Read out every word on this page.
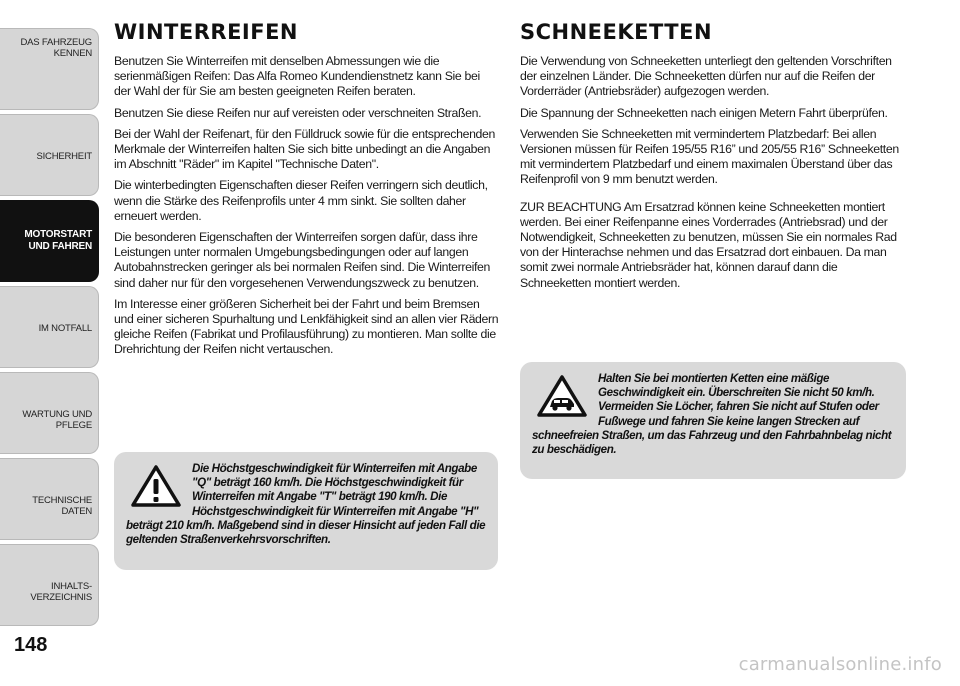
DAS FAHRZEUG
KENNEN
SICHERHEIT
MOTORSTART
UND FAHREN
IM NOTFALL
WARTUNG UND
PFLEGE
TECHNISCHE DATEN
INHALTS-
VERZEICHNIS
148
WINTERREIFEN

Benutzen Sie Winterreifen mit denselben Abmessungen wie die serienmäßigen Reifen: Das Alfa Romeo Kundendienstnetz kann Sie bei der Wahl der für Sie am besten geeigneten Reifen beraten.

Benutzen Sie diese Reifen nur auf vereisten oder verschneiten Straßen.

Bei der Wahl der Reifenart, für den Fülldruck sowie für die entsprechenden Merkmale der Winterreifen halten Sie sich bitte unbedingt an die Angaben im Abschnitt "Räder" im Kapitel "Technische Daten".

Die winterbedingten Eigenschaften dieser Reifen verringern sich deutlich, wenn die Stärke des Reifenprofils unter 4 mm sinkt. Sie sollten daher erneuert werden.

Die besonderen Eigenschaften der Winterreifen sorgen dafür, dass ihre Leistungen unter normalen Umgebungsbedingungen oder auf langen Autobahnstrecken geringer als bei normalen Reifen sind. Die Winterreifen sind daher nur für den vorgesehenen Verwendungszweck zu benutzen.

Im Interesse einer größeren Sicherheit bei der Fahrt und beim Bremsen und einer sicheren Spurhaltung und Lenkfähigkeit sind an allen vier Rädern gleiche Reifen (Fabrikat und Profilausführung) zu montieren. Man sollte die Drehrichtung der Reifen nicht vertauschen.

Die Höchstgeschwindigkeit für Winterreifen mit Angabe "Q" beträgt 160 km/h. Die Höchstgeschwindigkeit für Winterreifen mit Angabe "T" beträgt 190 km/h. Die Höchstgeschwindigkeit für Winterreifen mit Angabe "H" beträgt 210 km/h. Maßgebend sind in dieser Hinsicht auf jeden Fall die geltenden Straßenverkehrsvorschriften.

SCHNEEKETTEN

Die Verwendung von Schneeketten unterliegt den geltenden Vorschriften der einzelnen Länder. Die Schneeketten dürfen nur auf die Reifen der Vorderräder (Antriebsräder) aufgezogen werden.

Die Spannung der Schneeketten nach einigen Metern Fahrt überprüfen.

Verwenden Sie Schneeketten mit vermindertem Platzbedarf: Bei allen Versionen müssen für Reifen 195/55 R16” und 205/55 R16” Schneeketten mit vermindertem Platzbedarf und einem maximalen Überstand über das Reifenprofil von 9 mm benutzt werden.

ZUR BEACHTUNG Am Ersatzrad können keine Schneeketten montiert werden. Bei einer Reifenpanne eines Vorderrades (Antriebsrad) und der Notwendigkeit, Schneeketten zu benutzen, müssen Sie ein normales Rad von der Hinterachse nehmen und das Ersatzrad dort einbauen. Da man somit zwei normale Antriebsräder hat, können darauf dann die Schneeketten montiert werden.

Halten Sie bei montierten Ketten eine mäßige Geschwindigkeit ein. Überschreiten Sie nicht 50 km/h. Vermeiden Sie Löcher, fahren Sie nicht auf Stufen oder Fußwege und fahren Sie keine langen Strecken auf schneefreien Straßen, um das Fahrzeug und den Fahrbahnbelag nicht zu beschädigen.

carmanualsonline.info
